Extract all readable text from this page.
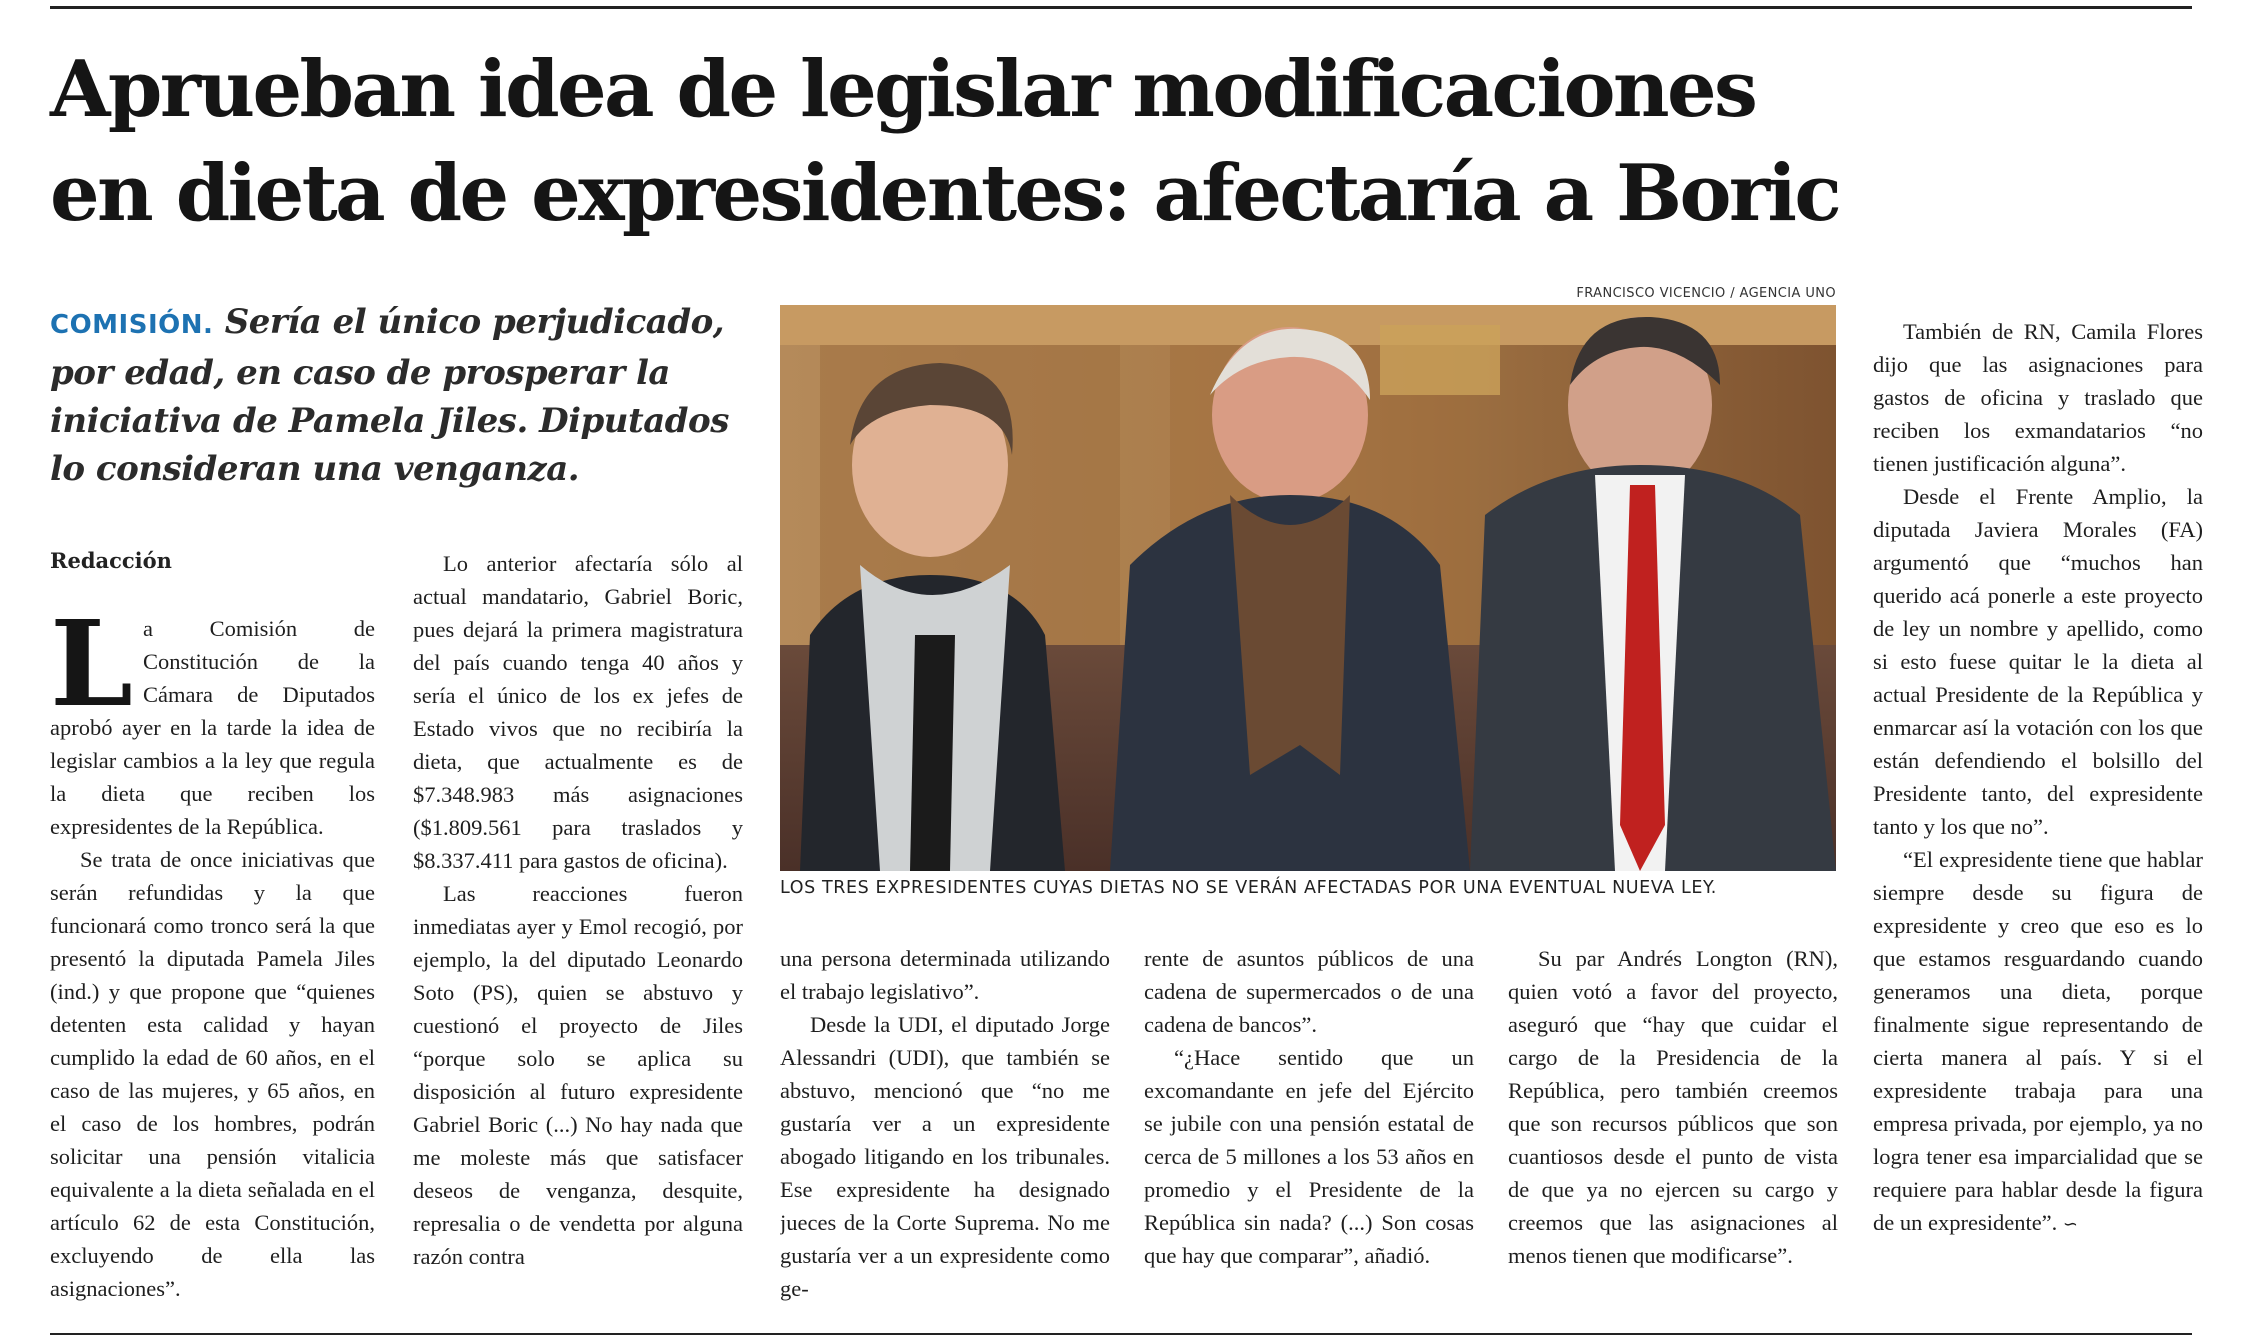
Aprueban idea de legislar modificaciones
en dieta de expresidentes: afectaría a Boric

COMISIÓN. Sería el único perjudicado, por edad, en caso de prosperar la iniciativa de Pamela Jiles. Diputados lo consideran una venganza.

Redacción

La Comisión de Constitución de la Cámara de Diputados aprobó ayer en la tarde la idea de legislar cambios a la ley que regula la dieta que reciben los expresidentes de la República.

Se trata de once iniciativas que serán refundidas y la que funcionará como tronco será la que presentó la diputada Pamela Jiles (ind.) y que propone que “quienes detenten esta calidad y hayan cumplido la edad de 60 años, en el caso de las mujeres, y 65 años, en el caso de los hombres, podrán solicitar una pensión vitalicia equivalente a la dieta señalada en el artículo 62 de esta Constitución, excluyendo de ella las asignaciones”.

Lo anterior afectaría sólo al actual mandatario, Gabriel Boric, pues dejará la primera magistratura del país cuando tenga 40 años y sería el único de los ex jefes de Estado vivos que no recibiría la dieta, que actualmente es de $7.348.983 más asignaciones ($1.809.561 para traslados y $8.337.411 para gastos de oficina).

Las reacciones fueron inmediatas ayer y Emol recogió, por ejemplo, la del diputado Leonardo Soto (PS), quien se abstuvo y cuestionó el proyecto de Jiles “porque solo se aplica su disposición al futuro expresidente Gabriel Boric (...) No hay nada que me moleste más que satisfacer deseos de venganza, desquite, represalia o de vendetta por alguna razón contra

FRANCISCO VICENCIO / AGENCIA UNO
LOS TRES EXPRESIDENTES CUYAS DIETAS NO SE VERÁN AFECTADAS POR UNA EVENTUAL NUEVA LEY.

una persona determinada utilizando el trabajo legislativo”.

Desde la UDI, el diputado Jorge Alessandri (UDI), que también se abstuvo, mencionó que “no me gustaría ver a un expresidente abogado litigando en los tribunales. Ese expresidente ha designado jueces de la Corte Suprema. No me gustaría ver a un expresidente como ge-

rente de asuntos públicos de una cadena de supermercados o de una cadena de bancos”.

“¿Hace sentido que un excomandante en jefe del Ejército se jubile con una pensión estatal de cerca de 5 millones a los 53 años en promedio y el Presidente de la República sin nada? (...) Son cosas que hay que comparar”, añadió.

Su par Andrés Longton (RN), quien votó a favor del proyecto, aseguró que “hay que cuidar el cargo de la Presidencia de la República, pero también creemos que son recursos públicos que son cuantiosos desde el punto de vista de que ya no ejercen su cargo y creemos que las asignaciones al menos tienen que modificarse”.

También de RN, Camila Flores dijo que las asignaciones para gastos de oficina y traslado que reciben los exmandatarios “no tienen justificación alguna”.

Desde el Frente Amplio, la diputada Javiera Morales (FA) argumentó que “muchos han querido acá ponerle a este proyecto de ley un nombre y apellido, como si esto fuese quitar le la dieta al actual Presidente de la República y enmarcar así la votación con los que están defendiendo el bolsillo del Presidente tanto, del expresidente tanto y los que no”.

“El expresidente tiene que hablar siempre desde su figura de expresidente y creo que eso es lo que estamos resguardando cuando generamos una dieta, porque finalmente sigue representando de cierta manera al país. Y si el expresidente trabaja para una empresa privada, por ejemplo, ya no logra tener esa imparcialidad que se requiere para hablar desde la figura de un expresidente”. ∽
